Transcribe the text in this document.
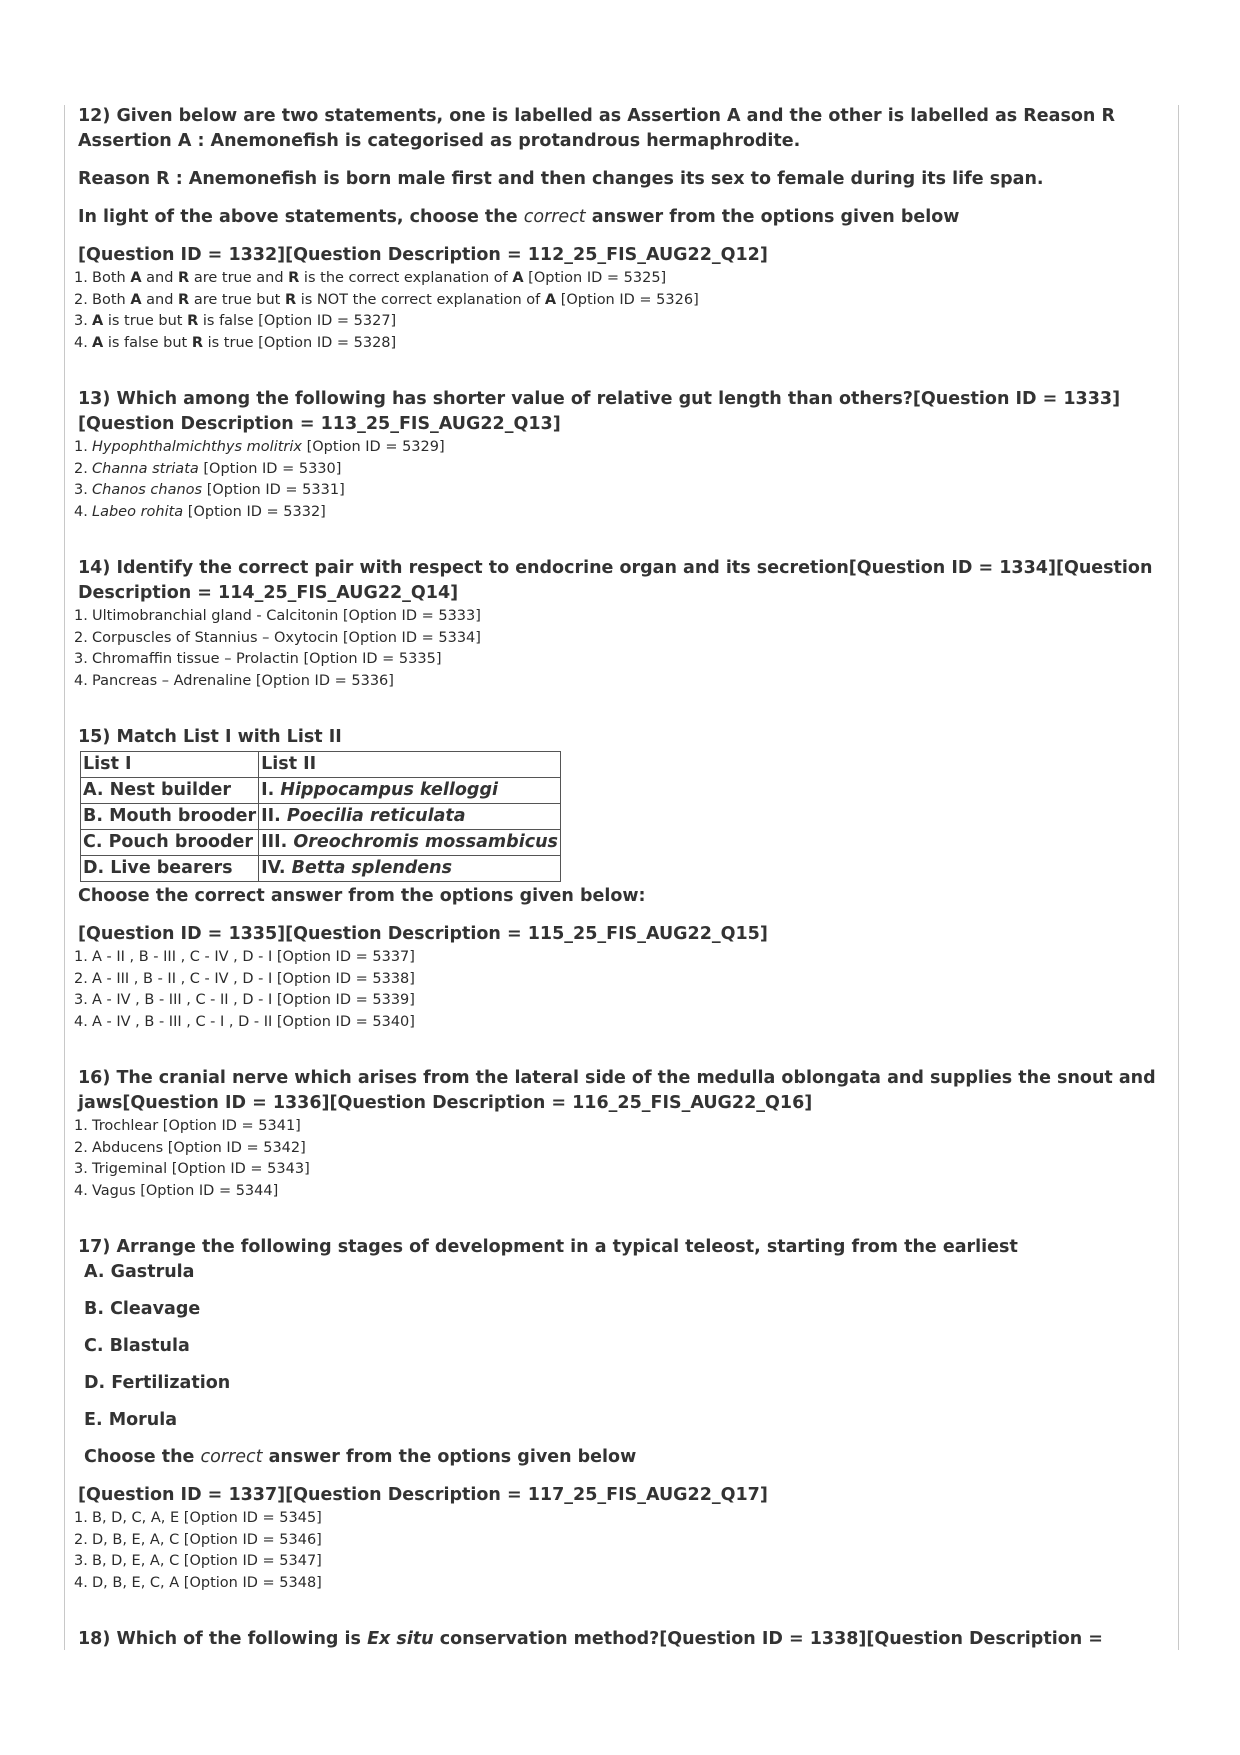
12) Given below are two statements, one is labelled as Assertion A and the other is labelled as Reason R

Assertion A : Anemonefish is categorised as protandrous hermaphrodite.

Reason R : Anemonefish is born male first and then changes its sex to female during its life span.

In light of the above statements, choose the correct answer from the options given below

[Question ID = 1332][Question Description = 112_25_FIS_AUG22_Q12]

1. Both A and R are true and R is the correct explanation of A [Option ID = 5325]
2. Both A and R are true but R is NOT the correct explanation of A [Option ID = 5326]
3. A is true but R is false [Option ID = 5327]
4. A is false but R is true [Option ID = 5328]

13) Which among the following has shorter value of relative gut length than others?[Question ID = 1333][Question Description = 113_25_FIS_AUG22_Q13]

1. Hypophthalmichthys molitrix [Option ID = 5329]
2. Channa striata [Option ID = 5330]
3. Chanos chanos [Option ID = 5331]
4. Labeo rohita [Option ID = 5332]

14) Identify the correct pair with respect to endocrine organ and its secretion[Question ID = 1334][Question Description = 114_25_FIS_AUG22_Q14]

1. Ultimobranchial gland - Calcitonin [Option ID = 5333]
2. Corpuscles of Stannius – Oxytocin [Option ID = 5334]
3. Chromaffin tissue – Prolactin [Option ID = 5335]
4. Pancreas – Adrenaline [Option ID = 5336]

15) Match List I with List II

List I	List II
A. Nest builder	I. Hippocampus kelloggi
B. Mouth brooder	II. Poecilia reticulata
C. Pouch brooder	III. Oreochromis mossambicus
D. Live bearers	IV. Betta splendens

Choose the correct answer from the options given below:

[Question ID = 1335][Question Description = 115_25_FIS_AUG22_Q15]

1. A - II , B - III , C - IV , D - I [Option ID = 5337]
2. A - III , B - II , C - IV , D - I [Option ID = 5338]
3. A - IV , B - III , C - II , D - I [Option ID = 5339]
4. A - IV , B - III , C - I , D - II [Option ID = 5340]

16) The cranial nerve which arises from the lateral side of the medulla oblongata and supplies the snout and jaws[Question ID = 1336][Question Description = 116_25_FIS_AUG22_Q16]

1. Trochlear [Option ID = 5341]
2. Abducens [Option ID = 5342]
3. Trigeminal [Option ID = 5343]
4. Vagus [Option ID = 5344]

17) Arrange the following stages of development in a typical teleost, starting from the earliest

A. Gastrula
B. Cleavage
C. Blastula
D. Fertilization
E. Morula

Choose the correct answer from the options given below

[Question ID = 1337][Question Description = 117_25_FIS_AUG22_Q17]

1. B, D, C, A, E [Option ID = 5345]
2. D, B, E, A, C [Option ID = 5346]
3. B, D, E, A, C [Option ID = 5347]
4. D, B, E, C, A [Option ID = 5348]

18) Which of the following is Ex situ conservation method?[Question ID = 1338][Question Description =
